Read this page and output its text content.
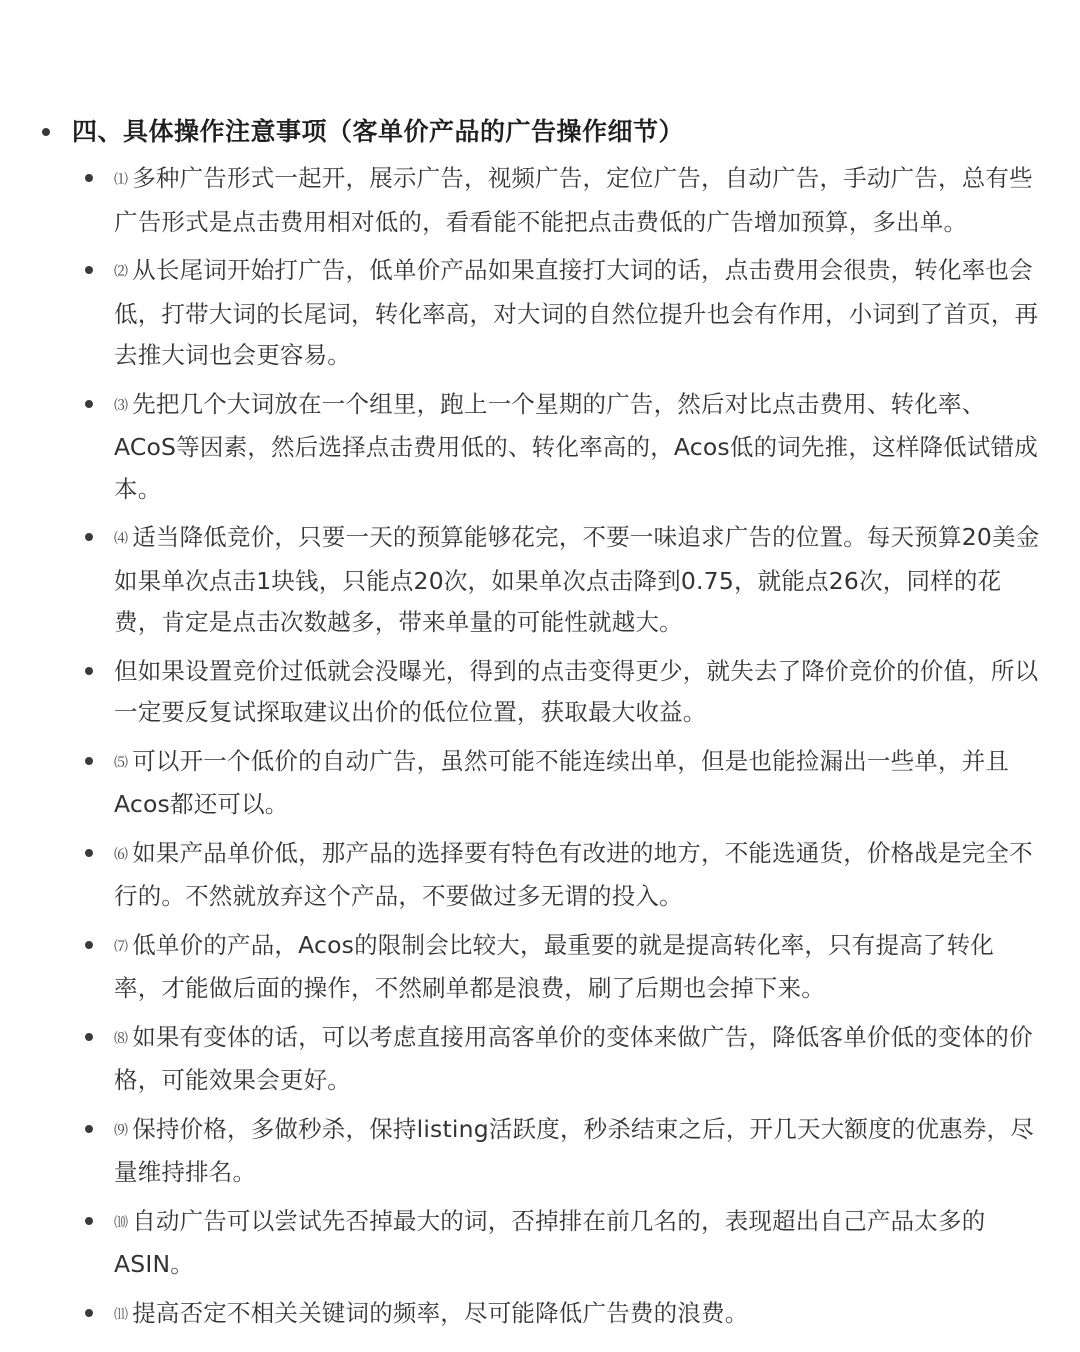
四、具体操作注意事项（客单价产品的广告操作细节）
⑴ 多种广告形式一起开，展示广告，视频广告，定位广告，自动广告，手动广告，总有些广告形式是点击费用相对低的，看看能不能把点击费低的广告增加预算，多出单。
⑵ 从长尾词开始打广告，低单价产品如果直接打大词的话，点击费用会很贵，转化率也会低，打带大词的长尾词，转化率高，对大词的自然位提升也会有作用，小词到了首页，再去推大词也会更容易。
⑶ 先把几个大词放在一个组里，跑上一个星期的广告，然后对比点击费用、转化率、ACoS等因素，然后选择点击费用低的、转化率高的，Acos低的词先推，这样降低试错成本。
⑷ 适当降低竞价，只要一天的预算能够花完，不要一味追求广告的位置。每天预算20美金如果单次点击1块钱，只能点20次，如果单次点击降到0.75，就能点26次，同样的花费，肯定是点击次数越多，带来单量的可能性就越大。
但如果设置竞价过低就会没曝光，得到的点击变得更少，就失去了降价竞价的价值，所以一定要反复试探取建议出价的低位位置，获取最大收益。
⑸ 可以开一个低价的自动广告，虽然可能不能连续出单，但是也能捡漏出一些单，并且Acos都还可以。
⑹ 如果产品单价低，那产品的选择要有特色有改进的地方，不能选通货，价格战是完全不行的。不然就放弃这个产品，不要做过多无谓的投入。
⑺ 低单价的产品，Acos的限制会比较大，最重要的就是提高转化率，只有提高了转化率，才能做后面的操作，不然刷单都是浪费，刷了后期也会掉下来。
⑻ 如果有变体的话，可以考虑直接用高客单价的变体来做广告，降低客单价低的变体的价格，可能效果会更好。
⑼ 保持价格，多做秒杀，保持listing活跃度，秒杀结束之后，开几天大额度的优惠券，尽量维持排名。
⑽ 自动广告可以尝试先否掉最大的词，否掉排在前几名的，表现超出自己产品太多的ASIN。
⑾ 提高否定不相关关键词的频率，尽可能降低广告费的浪费。
